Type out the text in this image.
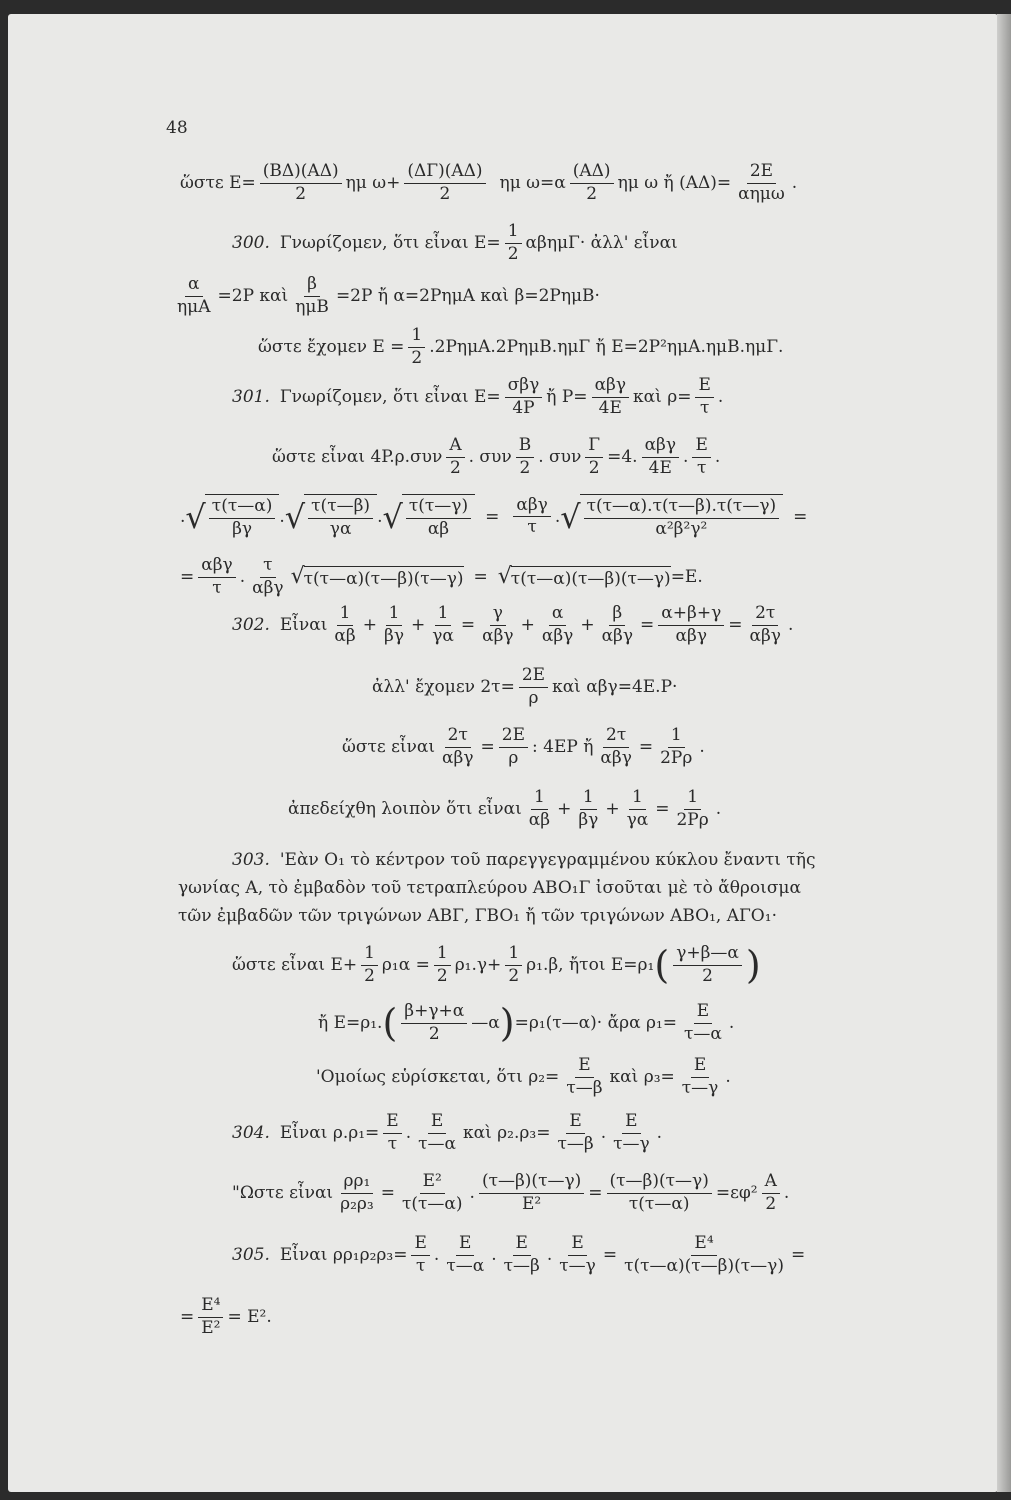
48
ὥστε $E= \frac{(B\Delta)(A\Delta)}{2}$ ημ $\omega+ \frac{(\Delta\Gamma)(A\Delta)}{2}$ ημ $\omega=\alpha \frac{(A\Delta)}{2}$ ημ ω ἤ $(A\Delta)= \frac{2E}{\text{αημω}}$ .
300. Γνωρίζομεν, ὅτι εἶναι $E= \frac{1}{2} \alpha\beta\eta\mu\Gamma\cdot$ ἀλλ' εἶναι
$\frac{\alpha}{\text{ημA}} =2P$ καὶ $\frac{\beta}{\text{ημB}} =2P$ ἤ α=2PημA καὶ β=2PημB·
ὥστε ἔχομεν $E = \frac{1}{2} .2P\eta\mu A.2P\eta\mu B.\eta\mu\Gamma$ ἤ E=2P²ημA.ημB.ημΓ.
301. Γνωρίζομεν, ὅτι εἶναι $E= \frac{\text{σβγ}}{4P}$ ἤ $P= \frac{\text{αβγ}}{4E}$ καὶ $\rho= \frac{E}{\tau}$ .
ὥστε εἶναι $4P.\rho.\sigma\upsilon\nu \frac{A}{2}$ . συν $\frac{B}{2}$ . συν $\frac{\Gamma}{2} =4$. $\frac{\text{αβγ}}{4E}$ . $\frac{E}{\tau}$ .
. √ $\frac{\tau(\tau—\alpha)}{\beta\gamma}$ . √ $\frac{\tau(\tau—\beta)}{\gamma\alpha}$ . √ $\frac{\tau(\tau—\gamma)}{\alpha\beta} = \frac{\text{αβγ}}{\tau}$ . √ $\frac{\tau(\tau—\alpha).\tau(\tau—\beta).\tau(\tau—\gamma)}{\text{α²β²γ²}}$ =
= $\frac{\text{αβγ}}{\tau}$ . $\frac{\tau}{\text{αβγ}}$ √ τ(τ—α)(τ—β)(τ—γ) = √ τ(τ—α)(τ—β)(τ—γ) =E.
302. Εἶναι $\frac{1}{\alpha\beta} + \frac{1}{\beta\gamma} + \frac{1}{\gamma\alpha} = \frac{\gamma}{\text{αβγ}} + \frac{\alpha}{\text{αβγ}} + \frac{\beta}{\text{αβγ}} = \frac{\alpha+\beta+\gamma}{\text{αβγ}} = \frac{2\tau}{\text{αβγ}}$ .
ἀλλ' ἔχομεν $2\tau= \frac{2E}{\rho}$ καὶ αβγ=4E.P·
ὥστε εἶναι $\frac{2\tau}{\text{αβγ}} = \frac{2E}{\rho}$ : 4EP ἤ $\frac{2\tau}{\text{αβγ}} = \frac{1}{2P\rho}$ .
ἀπεδείχθη λοιπὸν ὅτι εἶναι $\frac{1}{\alpha\beta} + \frac{1}{\beta\gamma} + \frac{1}{\gamma\alpha} = \frac{1}{2P\rho}$ .
303. 'Εὰν O₁ τὸ κέντρον τοῦ παρεγγεγραμμένου κύκλου ἔναντι τῆς
γωνίας A, τὸ ἐμβαδὸν τοῦ τετραπλεύρου ABO₁Γ ἰσοῦται μὲ τὸ ἄθροισμα
τῶν ἐμβαδῶν τῶν τριγώνων ABΓ, ΓBO₁ ἤ τῶν τριγώνων ABO₁, AΓO₁·
ὥστε εἶναι $E+ \frac{1}{2} \rho_1\alpha = \frac{1}{2} \rho_1.\gamma+ \frac{1}{2} \rho_1.\beta$, ἤτοι E=ρ₁ ( $\frac{\gamma+\beta—\alpha}{2}$ )
ἤ E=ρ₁. ( $\frac{\beta+\gamma+\alpha}{2}$ —α ) =ρ₁(τ—α)· ἄρα $\rho_1= \frac{E}{\tau—\alpha}$ .
'Ομοίως εὑρίσκεται, ὅτι $\rho_2= \frac{E}{\tau—\beta}$ καὶ $\rho_3= \frac{E}{\tau—\gamma}$ .
304. Εἶναι $\rho.\rho_1= \frac{E}{\tau}$ . $\frac{E}{\tau—\alpha}$ καὶ $\rho_2.\rho_3= \frac{E}{\tau—\beta}$ . $\frac{E}{\tau—\gamma}$ .
"Ωστε εἶναι $\frac{\text{ρρ₁}}{\text{ρ₂ρ₃}} = \frac{\text{E²}}{\tau(\tau—\alpha)}$ . $\frac{(\tau—\beta)(\tau—\gamma)}{\text{E²}} = \frac{(\tau—\beta)(\tau—\gamma)}{\tau(\tau—\alpha)} =\varepsilon\varphi^2 \frac{A}{2}$ .
305. Εἶναι $\rho\rho_1\rho_2\rho_3= \frac{E}{\tau}$ . $\frac{E}{\tau—\alpha}$ . $\frac{E}{\tau—\beta}$ . $\frac{E}{\tau—\gamma} = \frac{\text{E⁴}}{\tau(\tau—\alpha)(\tau—\beta)(\tau—\gamma)}$ =
= $\frac{\text{E⁴}}{\text{E²}} = E^2$.
